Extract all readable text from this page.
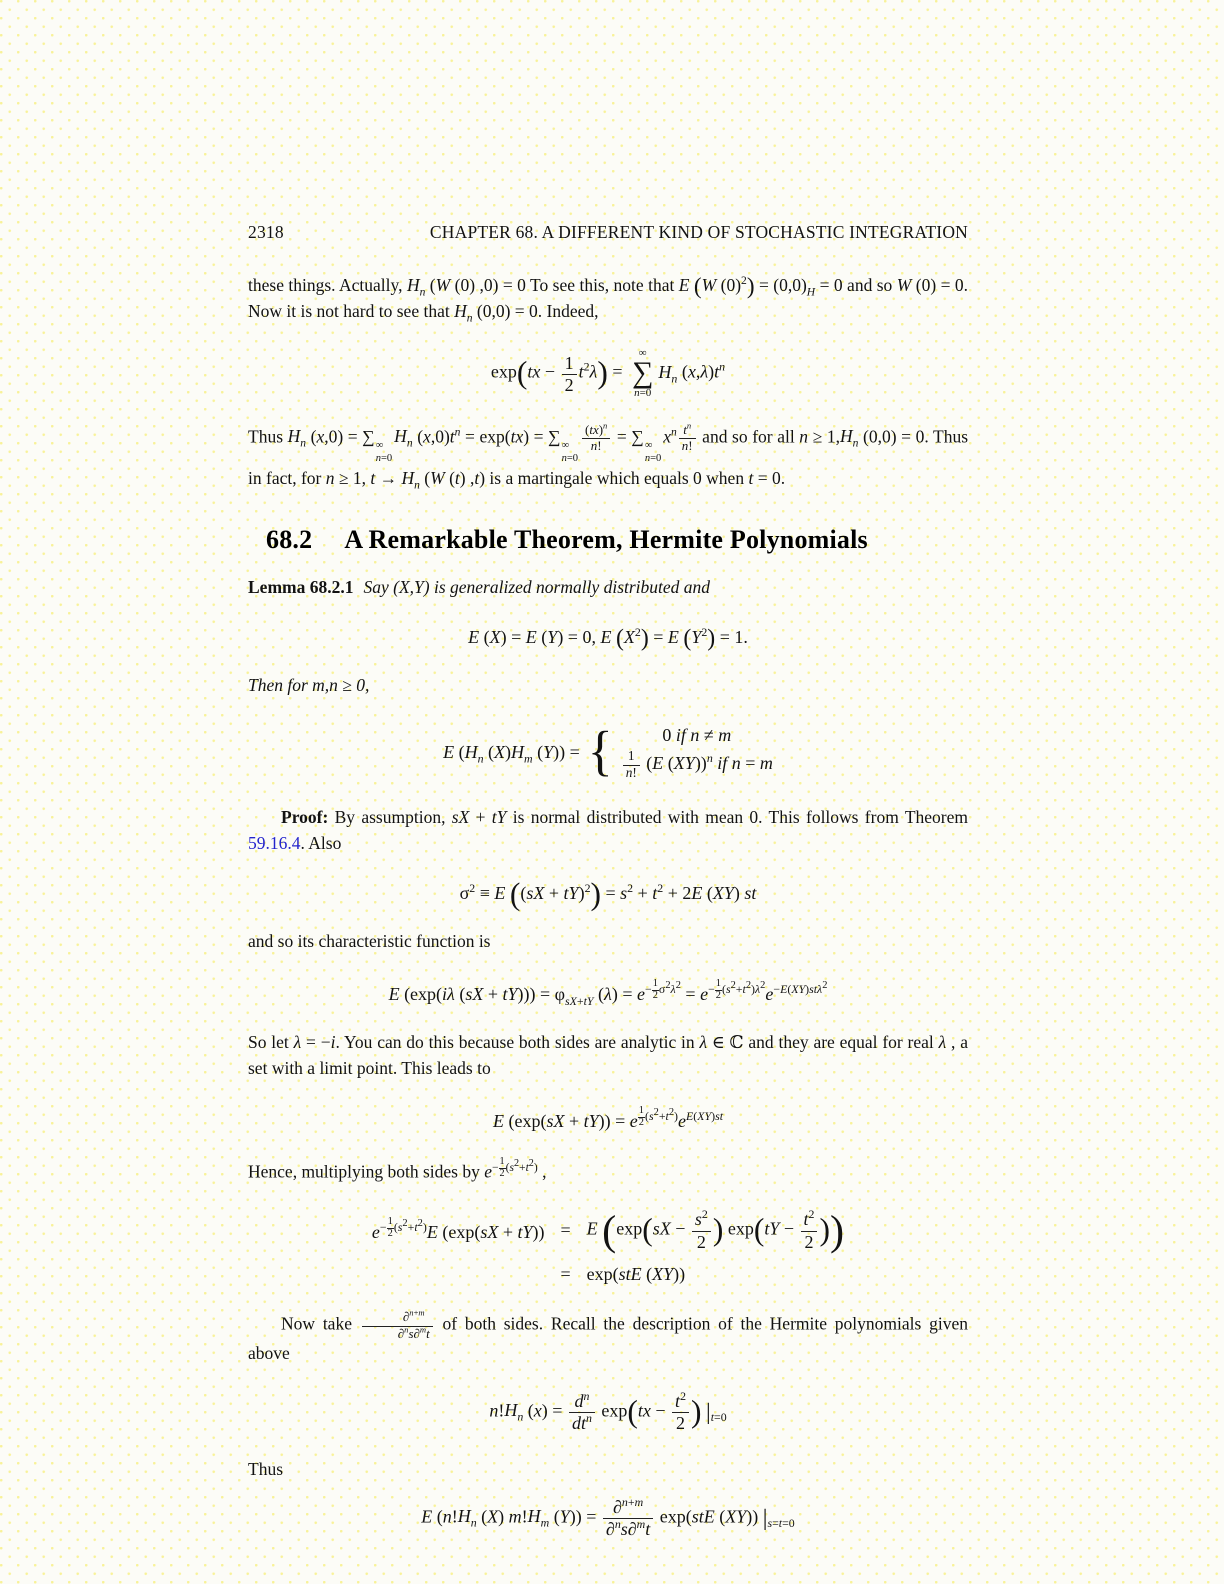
2318	CHAPTER 68. A DIFFERENT KIND OF STOCHASTIC INTEGRATION

these things. Actually, $H_n$ (W (0) ,0) = 0 To see this, note that E (W $(0)^2) = (0,0)_H = 0$ and so W (0) = 0. Now it is not hard to see that $H_n$ (0,0) = 0. Indeed,

$\exp(tx - \frac{1}{2} t^2\lambda)$ =
∞
∑
n=0
$H_n$ $(x,\lambda)t^n$

Thus $H_n$ (x,0) = ∑ ∞
n=0
$H_n$ $(x,0)t^n = \exp(tx)$ = ∑ ∞
n=0
$\frac{(tx)^n}{n!}$ = ∑ ∞
n=0
$x^n \frac{t^n}{n!}$ and so for all $n \ge 1,H_n$ (0,0) = 0. Thus in fact, for n ≥ 1, $t \to H_n$ (W (t) ,t) is a martingale which equals 0 when t = 0.

68.2 A Remarkable Theorem, Hermite Polynomials

Lemma 68.2.1 Say (X,Y) is generalized normally distributed and

E (X) = E (Y) = 0, E $(X^2) = E$ $(Y^2) = 1$.

Then for m,n ≥ 0,

E ($H_n$ $(X)H_m$ (Y)) = {	0 if n ≠ m
$\frac{1}{n!} (E$ (XY))$^n$ if n = m

Proof: By assumption, sX + tY is normal distributed with mean 0. This follows from Theorem 59.16.4. Also

$\sigma^2 \equiv E$ $((sX + tY)^2) = s^2 + t^2 + 2E$ (XY) st

and so its characteristic function is

E (exp(iλ $(sX + tY))) = \varphi_{sX+tY}$ $(\lambda) = e^{- \frac{1}{2} \sigma^2\lambda^2} = e^{- \frac{1}{2} (s^2+t^2)\lambda^2}e^{-E(XY)st\lambda^2}$

So let λ = −i. You can do this because both sides are analytic in λ ∈ ℂ and they are equal for real λ , a set with a limit point. This leads to

E (exp(sX + tY)) = e $^{\frac{1}{2} (s^2+t^2)}e^{E(XY)st}$

Hence, multiplying both sides by $e^{- \frac{1}{2} (s^2+t^2)}$ ,

$e^{- \frac{1}{2} (s^2+t^2)}E$ (exp(sX + tY)) = E ($\exp(sX - \frac{s^2}{2}$ ) $\exp(tY - \frac{t^2}{2}$ ))
= exp(stE (XY))

Now take $\frac{\partial^{n+m}}{\partial^ns\partial^mt}$ of both sides. Recall the description of the Hermite polynomials given above

$n!H_n$ $(x) = d^n$
$dt^n$ $\exp(tx - \frac{t^2}{2}$ ) $|_{t=0}$

Thus

E ($n!H_n$ (X) $m!H_m$ $(Y)) = \frac{\partial^{n+m}}{\partial^ns\partial^mt} \exp(stE$ (XY)) $|_{s=t=0}$
